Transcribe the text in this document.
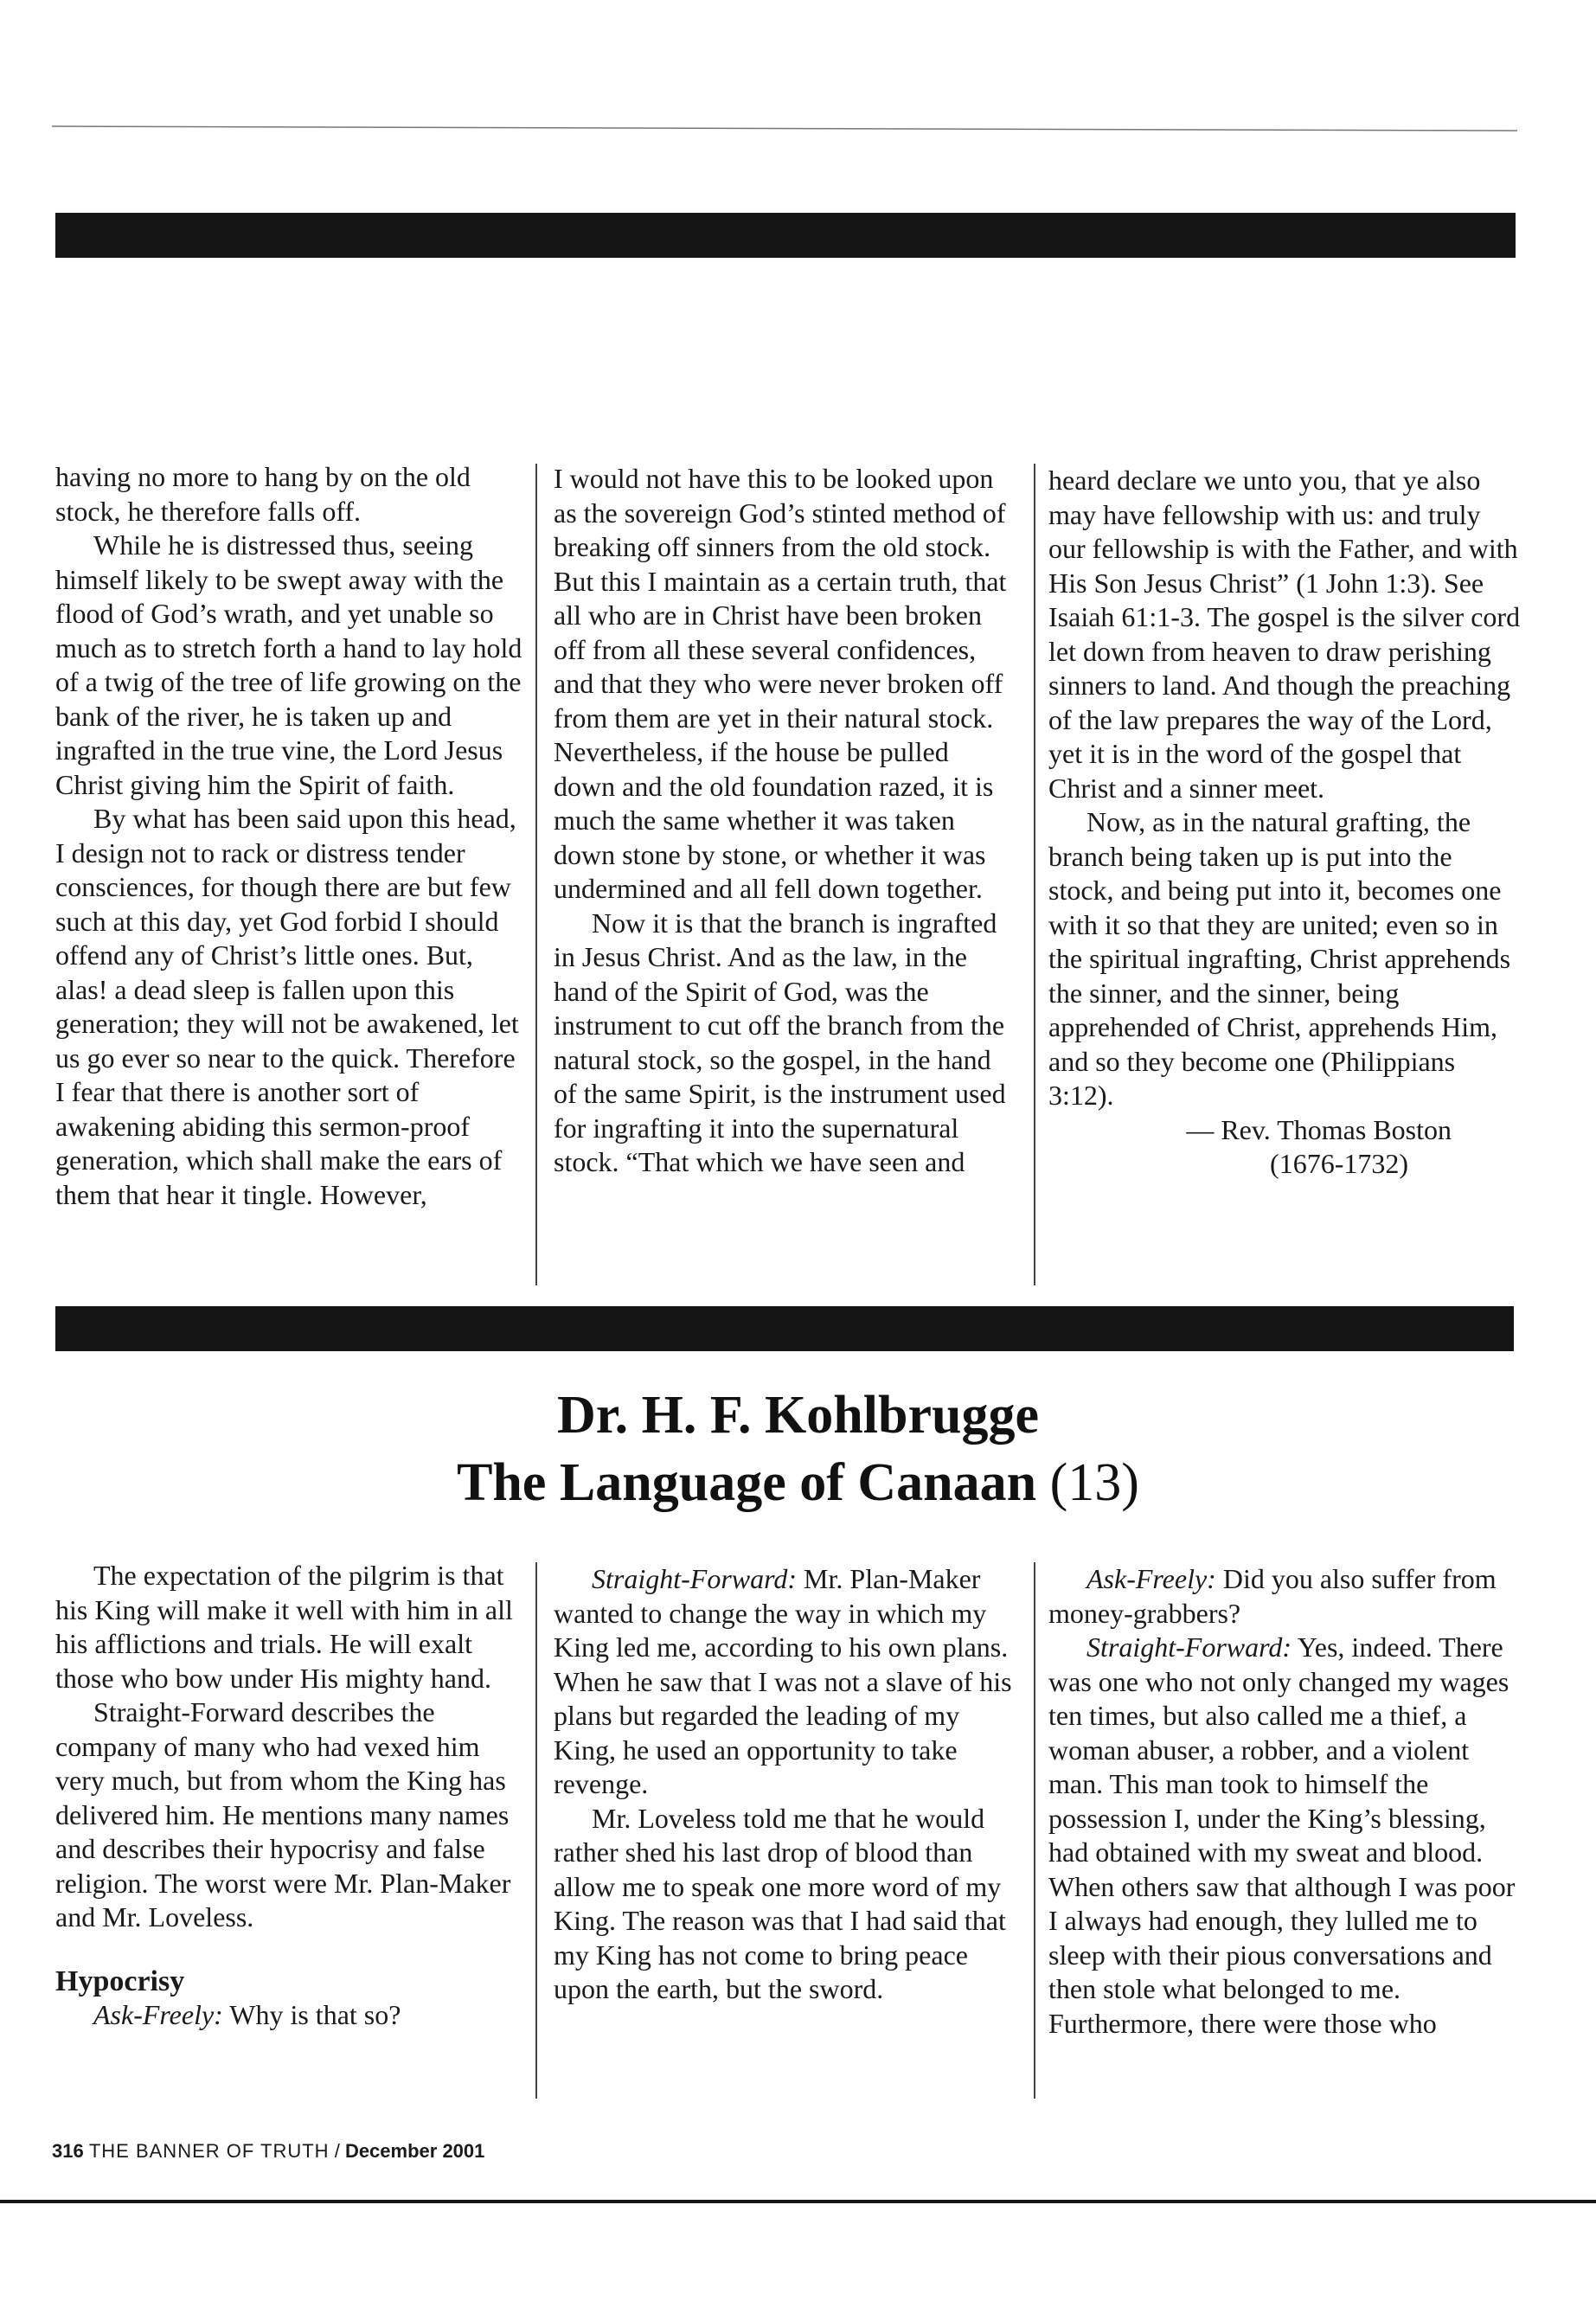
having no more to hang by on the old stock, he therefore falls off.

While he is distressed thus, seeing himself likely to be swept away with the flood of God’s wrath, and yet unable so much as to stretch forth a hand to lay hold of a twig of the tree of life growing on the bank of the river, he is taken up and ingrafted in the true vine, the Lord Jesus Christ giving him the Spirit of faith.

By what has been said upon this head, I design not to rack or distress tender consciences, for though there are but few such at this day, yet God forbid I should offend any of Christ’s little ones. But, alas! a dead sleep is fallen upon this generation; they will not be awakened, let us go ever so near to the quick. Therefore I fear that there is another sort of awakening abiding this sermon-proof generation, which shall make the ears of them that hear it tingle. However,

I would not have this to be looked upon as the sovereign God’s stinted method of breaking off sinners from the old stock. But this I maintain as a certain truth, that all who are in Christ have been broken off from all these several confidences, and that they who were never broken off from them are yet in their natural stock. Nevertheless, if the house be pulled down and the old foundation razed, it is much the same whether it was taken down stone by stone, or whether it was undermined and all fell down together.

Now it is that the branch is ingrafted in Jesus Christ. And as the law, in the hand of the Spirit of God, was the instrument to cut off the branch from the natural stock, so the gospel, in the hand of the same Spirit, is the instrument used for ingrafting it into the supernatural stock. “That which we have seen and

heard declare we unto you, that ye also may have fellowship with us: and truly our fellowship is with the Father, and with His Son Jesus Christ” (1 John 1:3). See Isaiah 61:1-3. The gospel is the silver cord let down from heaven to draw perishing sinners to land. And though the preaching of the law prepares the way of the Lord, yet it is in the word of the gospel that Christ and a sinner meet.

Now, as in the natural grafting, the branch being taken up is put into the stock, and being put into it, becomes one with it so that they are united; even so in the spiritual ingrafting, Christ apprehends the sinner, and the sinner, being apprehended of Christ, apprehends Him, and so they become one (Philippians 3:12).

— Rev. Thomas Boston

(1676-1732)

Dr. H. F. Kohlbrugge
The Language of Canaan (13)

The expectation of the pilgrim is that his King will make it well with him in all his afflictions and trials. He will exalt those who bow under His mighty hand.

Straight-Forward describes the company of many who had vexed him very much, but from whom the King has delivered him. He mentions many names and describes their hypocrisy and false religion. The worst were Mr. Plan-Maker and Mr. Loveless.

Hypocrisy

Ask-Freely: Why is that so?

Straight-Forward: Mr. Plan-Maker wanted to change the way in which my King led me, according to his own plans. When he saw that I was not a slave of his plans but regarded the leading of my King, he used an opportunity to take revenge.

Mr. Loveless told me that he would rather shed his last drop of blood than allow me to speak one more word of my King. The reason was that I had said that my King has not come to bring peace upon the earth, but the sword.

Ask-Freely: Did you also suffer from money-grabbers?

Straight-Forward: Yes, indeed. There was one who not only changed my wages ten times, but also called me a thief, a woman abuser, a robber, and a violent man. This man took to himself the possession I, under the King’s blessing, had obtained with my sweat and blood. When others saw that although I was poor I always had enough, they lulled me to sleep with their pious conversations and then stole what belonged to me. Furthermore, there were those who

316 THE BANNER OF TRUTH / December 2001
